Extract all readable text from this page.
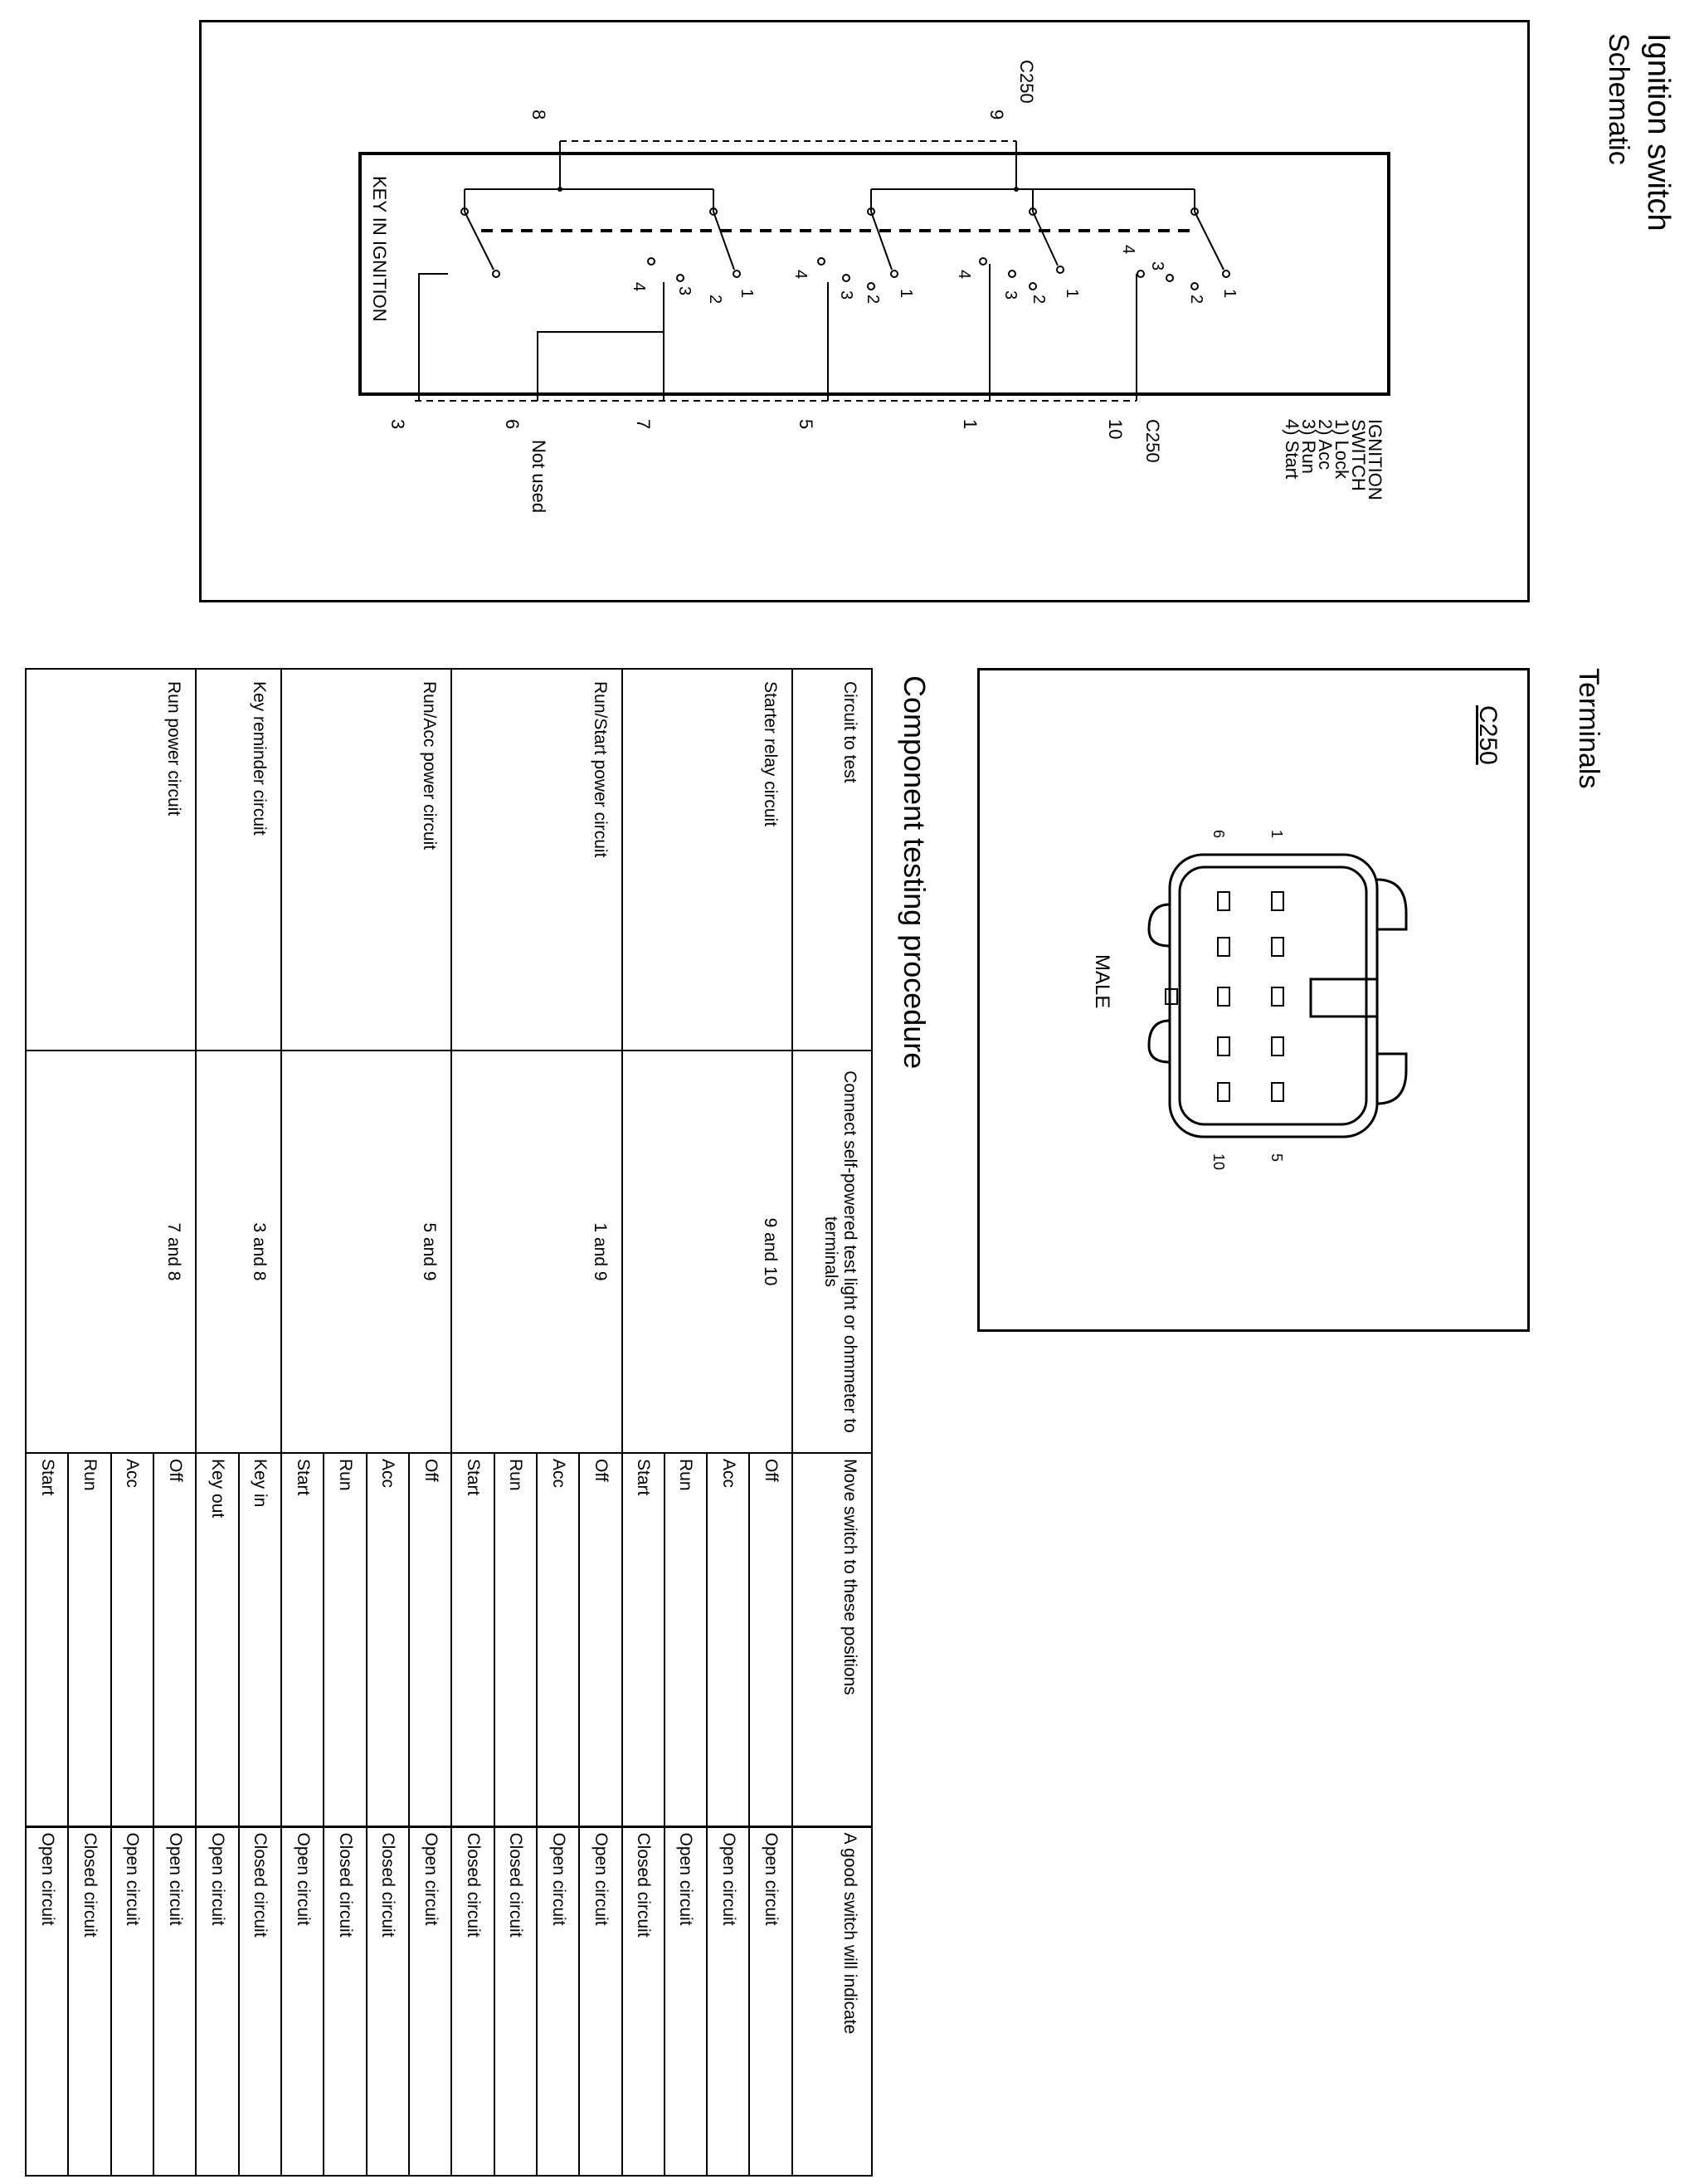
Ignition switch
Schematic
Terminals
Component testing procedure
C250
8	9
KEY IN IGNITION
IGNITION
SWITCH
1) Lock
2) Acc
3) Run
4) Start
C250
3	6
Not used
7	5	1	10
1
2
3
4
1
2
3
4
1
2
3
4
1
2
3
4
C250
MALE
1
6
5
10
Circuit to test	Connect self-powered test light or ohmmeter to terminals	Move switch to these positions	A good switch will indicate
Starter relay circuit	9 and 10	Off	Open circuit
		Acc	Open circuit
		Run	Open circuit
		Start	Closed circuit
Run/Start power circuit	1 and 9	Off	Open circuit
		Acc	Open circuit
		Run	Closed circuit
		Start	Closed circuit
Run/Acc power circuit	5 and 9	Off	Open circuit
		Acc	Closed circuit
		Run	Closed circuit
		Start	Open circuit
Key reminder circuit	3 and 8	Key in	Closed circuit
		Key out	Open circuit
Run power circuit	7 and 8	Off	Open circuit
		Acc	Open circuit
		Run	Closed circuit
		Start	Open circuit
